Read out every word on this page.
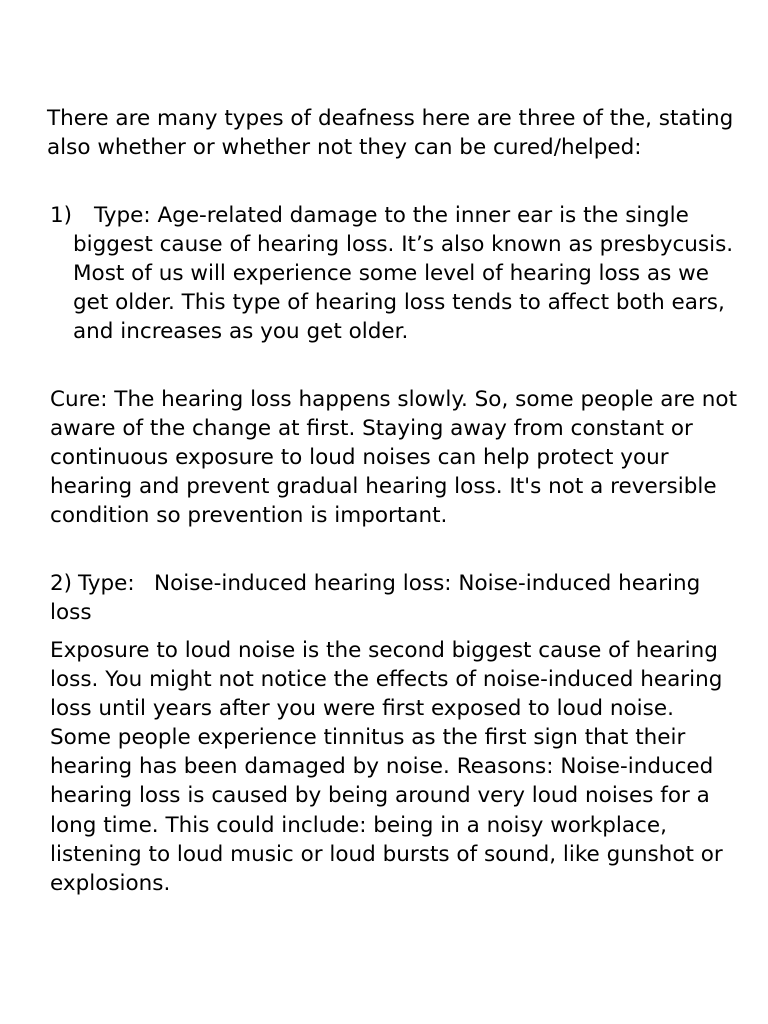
There are many types of deafness here are three of the, stating also whether or whether not they can be cured/helped:

1)	Type: Age-related damage to the inner ear is the single biggest cause of hearing loss. It’s also known as presbycusis. Most of us will experience some level of hearing loss as we get older. This type of hearing loss tends to affect both ears, and increases as you get older.

Cure: The hearing loss happens slowly. So, some people are not aware of the change at first. Staying away from constant or continuous exposure to loud noises can help protect your hearing and prevent gradual hearing loss. It's not a reversible condition so prevention is important.

2) Type: Noise-induced hearing loss: Noise-induced hearing loss

Exposure to loud noise is the second biggest cause of hearing loss. You might not notice the effects of noise-induced hearing loss until years after you were first exposed to loud noise. Some people experience tinnitus as the first sign that their hearing has been damaged by noise. Reasons: Noise-induced hearing loss is caused by being around very loud noises for a long time. This could include: being in a noisy workplace, listening to loud music or loud bursts of sound, like gunshot or explosions.
